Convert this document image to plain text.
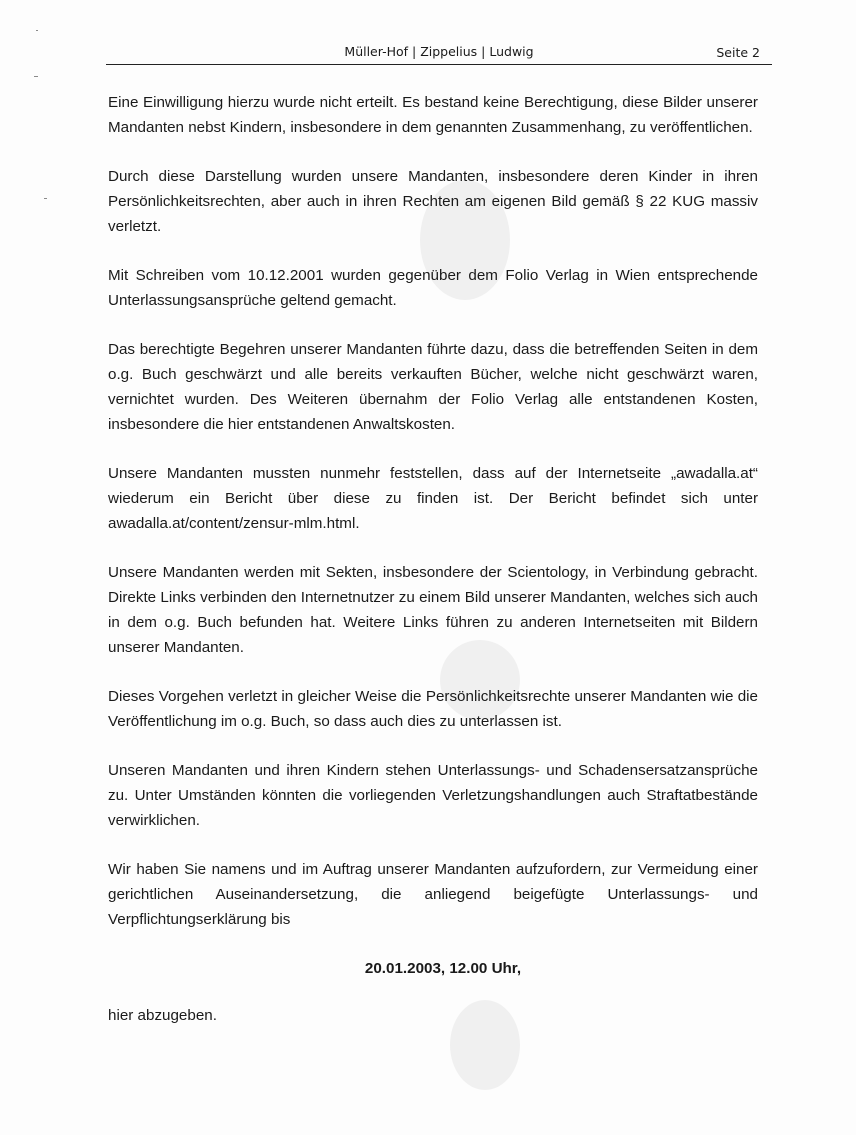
Müller-Hof | Zippelius | Ludwig	Seite 2

Eine Einwilligung hierzu wurde nicht erteilt. Es bestand keine Berechtigung, diese Bilder unserer Mandanten nebst Kindern, insbesondere in dem genannten Zusammenhang, zu veröffentlichen.

Durch diese Darstellung wurden unsere Mandanten, insbesondere deren Kinder in ihren Persönlichkeitsrechten, aber auch in ihren Rechten am eigenen Bild gemäß § 22 KUG massiv verletzt.

Mit Schreiben vom 10.12.2001 wurden gegenüber dem Folio Verlag in Wien entsprechende Unterlassungsansprüche geltend gemacht.

Das berechtigte Begehren unserer Mandanten führte dazu, dass die betreffenden Seiten in dem o.g. Buch geschwärzt und alle bereits verkauften Bücher, welche nicht geschwärzt waren, vernichtet wurden. Des Weiteren übernahm der Folio Verlag alle entstandenen Kosten, insbesondere die hier entstandenen Anwaltskosten.

Unsere Mandanten mussten nunmehr feststellen, dass auf der Internetseite „awadalla.at“ wiederum ein Bericht über diese zu finden ist. Der Bericht befindet sich unter awadalla.at/content/zensur-mlm.html.

Unsere Mandanten werden mit Sekten, insbesondere der Scientology, in Verbindung gebracht. Direkte Links verbinden den Internetnutzer zu einem Bild unserer Mandanten, welches sich auch in dem o.g. Buch befunden hat. Weitere Links führen zu anderen Internetseiten mit Bildern unserer Mandanten.

Dieses Vorgehen verletzt in gleicher Weise die Persönlichkeitsrechte unserer Mandanten wie die Veröffentlichung im o.g. Buch, so dass auch dies zu unterlassen ist.

Unseren Mandanten und ihren Kindern stehen Unterlassungs- und Schadensersatzansprüche zu. Unter Umständen könnten die vorliegenden Verletzungshandlungen auch Straftatbestände verwirklichen.

Wir haben Sie namens und im Auftrag unserer Mandanten aufzufordern, zur Vermeidung einer gerichtlichen Auseinandersetzung, die anliegend beigefügte Unterlassungs- und Verpflichtungserklärung bis

20.01.2003, 12.00 Uhr,

hier abzugeben.
